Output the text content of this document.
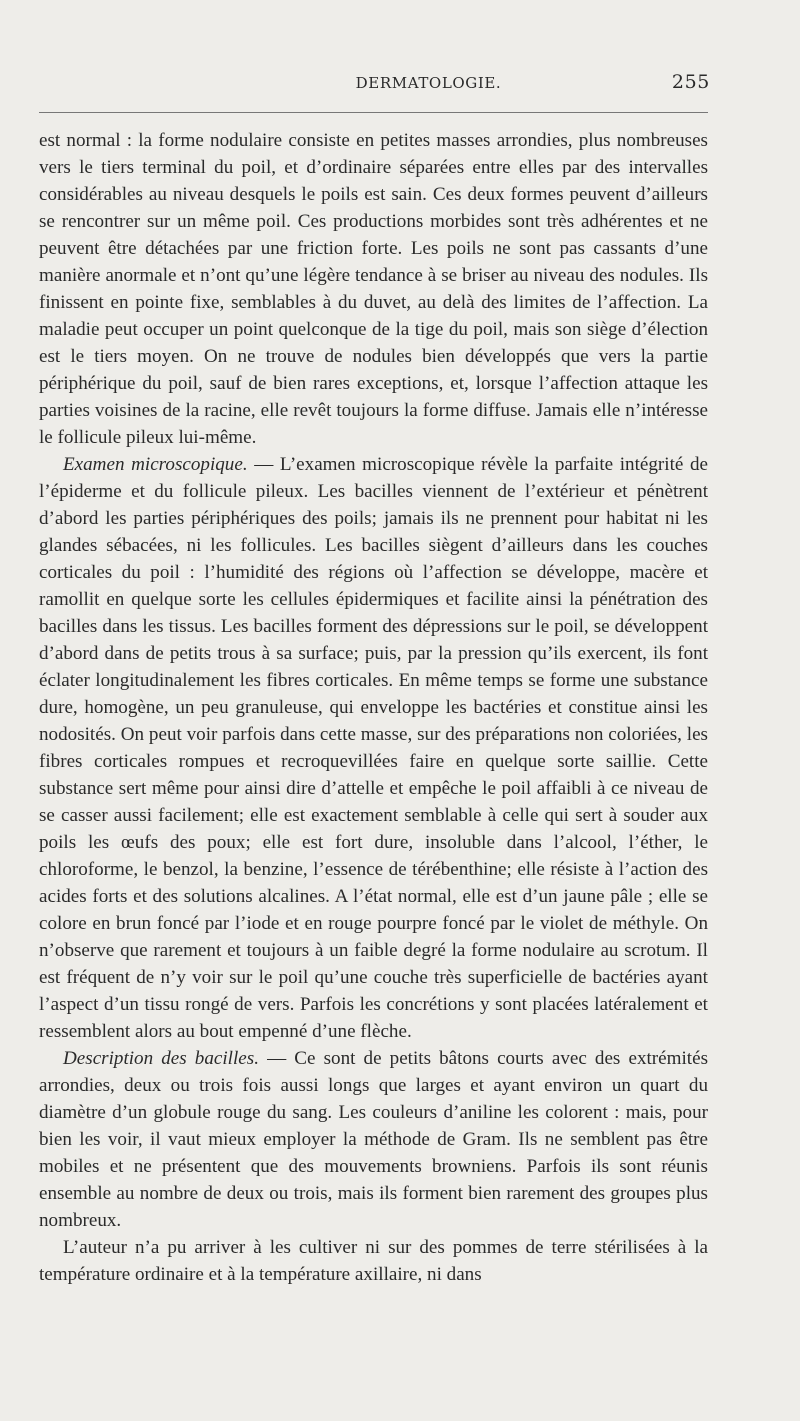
DERMATOLOGIE.	255

est normal : la forme nodulaire consiste en petites masses arrondies, plus nombreuses vers le tiers terminal du poil, et d’ordinaire séparées entre elles par des intervalles considérables au niveau desquels le poils est sain. Ces deux formes peuvent d’ailleurs se rencontrer sur un même poil. Ces productions morbides sont très adhérentes et ne peuvent être détachées par une friction forte. Les poils ne sont pas cassants d’une manière anormale et n’ont qu’une légère tendance à se briser au niveau des nodules. Ils finissent en pointe fixe, semblables à du duvet, au delà des limites de l’affection. La maladie peut occuper un point quelconque de la tige du poil, mais son siège d’élection est le tiers moyen. On ne trouve de nodules bien développés que vers la partie périphérique du poil, sauf de bien rares exceptions, et, lorsque l’affection attaque les parties voisines de la racine, elle revêt toujours la forme diffuse. Jamais elle n’intéresse le follicule pileux lui-même.

Examen microscopique. — L’examen microscopique révèle la parfaite intégrité de l’épiderme et du follicule pileux. Les bacilles viennent de l’extérieur et pénètrent d’abord les parties périphériques des poils; jamais ils ne prennent pour habitat ni les glandes sébacées, ni les follicules. Les bacilles siègent d’ailleurs dans les couches corticales du poil : l’humidité des régions où l’affection se développe, macère et ramollit en quelque sorte les cellules épidermiques et facilite ainsi la pénétration des bacilles dans les tissus. Les bacilles forment des dépressions sur le poil, se développent d’abord dans de petits trous à sa surface; puis, par la pression qu’ils exercent, ils font éclater longitudinalement les fibres corticales. En même temps se forme une substance dure, homogène, un peu granuleuse, qui enveloppe les bactéries et constitue ainsi les nodosités. On peut voir parfois dans cette masse, sur des préparations non coloriées, les fibres corticales rompues et recroquevillées faire en quelque sorte saillie. Cette substance sert même pour ainsi dire d’attelle et empêche le poil affaibli à ce niveau de se casser aussi facilement; elle est exactement semblable à celle qui sert à souder aux poils les œufs des poux; elle est fort dure, insoluble dans l’alcool, l’éther, le chloroforme, le benzol, la benzine, l’essence de térébenthine; elle résiste à l’action des acides forts et des solutions alcalines. A l’état normal, elle est d’un jaune pâle ; elle se colore en brun foncé par l’iode et en rouge pourpre foncé par le violet de méthyle. On n’observe que rarement et toujours à un faible degré la forme nodulaire au scrotum. Il est fréquent de n’y voir sur le poil qu’une couche très superficielle de bactéries ayant l’aspect d’un tissu rongé de vers. Parfois les concrétions y sont placées latéralement et ressemblent alors au bout empenné d’une flèche.

Description des bacilles. — Ce sont de petits bâtons courts avec des extrémités arrondies, deux ou trois fois aussi longs que larges et ayant environ un quart du diamètre d’un globule rouge du sang. Les couleurs d’aniline les colorent : mais, pour bien les voir, il vaut mieux employer la méthode de Gram. Ils ne semblent pas être mobiles et ne présentent que des mouvements browniens. Parfois ils sont réunis ensemble au nombre de deux ou trois, mais ils forment bien rarement des groupes plus nombreux.

L’auteur n’a pu arriver à les cultiver ni sur des pommes de terre stérilisées à la température ordinaire et à la température axillaire, ni dans
